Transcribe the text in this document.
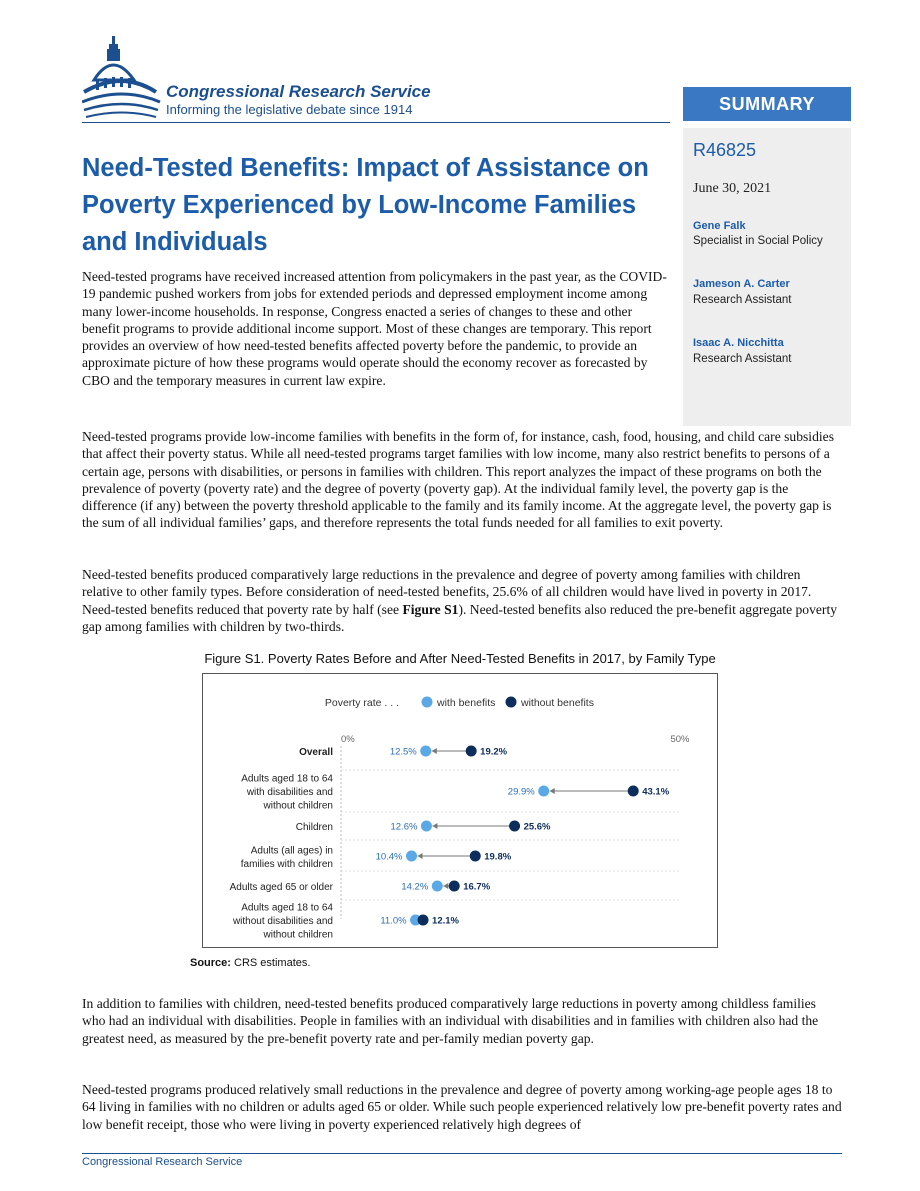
Congressional Research Service
Informing the legislative debate since 1914	SUMMARY
R46825
June 30, 2021
Gene Falk
Specialist in Social Policy
Jameson A. Carter
Research Assistant
Isaac A. Nicchitta
Research Assistant
Need-Tested Benefits: Impact of Assistance on Poverty Experienced by Low-Income Families and Individuals

Need-tested programs have received increased attention from policymakers in the past year, as the COVID-19 pandemic pushed workers from jobs for extended periods and depressed employment income among many lower-income households. In response, Congress enacted a series of changes to these and other benefit programs to provide additional income support. Most of these changes are temporary. This report provides an overview of how need-tested benefits affected poverty before the pandemic, to provide an approximate picture of how these programs would operate should the economy recover as forecasted by CBO and the temporary measures in current law expire.

Need-tested programs provide low-income families with benefits in the form of, for instance, cash, food, housing, and child care subsidies that affect their poverty status. While all need-tested programs target families with low income, many also restrict benefits to persons of a certain age, persons with disabilities, or persons in families with children. This report analyzes the impact of these programs on both the prevalence of poverty (poverty rate) and the degree of poverty (poverty gap). At the individual family level, the poverty gap is the difference (if any) between the poverty threshold applicable to the family and its family income. At the aggregate level, the poverty gap is the sum of all individual families’ gaps, and therefore represents the total funds needed for all families to exit poverty.

Need-tested benefits produced comparatively large reductions in the prevalence and degree of poverty among families with children relative to other family types. Before consideration of need-tested benefits, 25.6% of all children would have lived in poverty in 2017. Need-tested benefits reduced that poverty rate by half (see Figure S1). Need-tested benefits also reduced the pre-benefit aggregate poverty gap among families with children by two-thirds.

Figure S1. Poverty Rates Before and After Need-Tested Benefits in 2017, by Family Type
Poverty rate . . .	with benefits without benefits
0%	50%
Overall	12.5%	19.2%
Adults aged 18 to 64
with disabilities and
without children
29.9%	43.1%
Children	12.6%	25.6%
Adults (all ages) in
families with children
10.4%	19.8%
Adults aged 65 or older	14.2%	16.7%
Adults aged 18 to 64
without disabilities and
without children
11.0%	12.1%
Source: CRS estimates.

In addition to families with children, need-tested benefits produced comparatively large reductions in poverty among childless families who had an individual with disabilities. People in families with an individual with disabilities and in families with children also had the greatest need, as measured by the pre-benefit poverty rate and per-family median poverty gap.

Need-tested programs produced relatively small reductions in the prevalence and degree of poverty among working-age people ages 18 to 64 living in families with no children or adults aged 65 or older. While such people experienced relatively low pre-benefit poverty rates and low benefit receipt, those who were living in poverty experienced relatively high degrees of

Congressional Research Service
